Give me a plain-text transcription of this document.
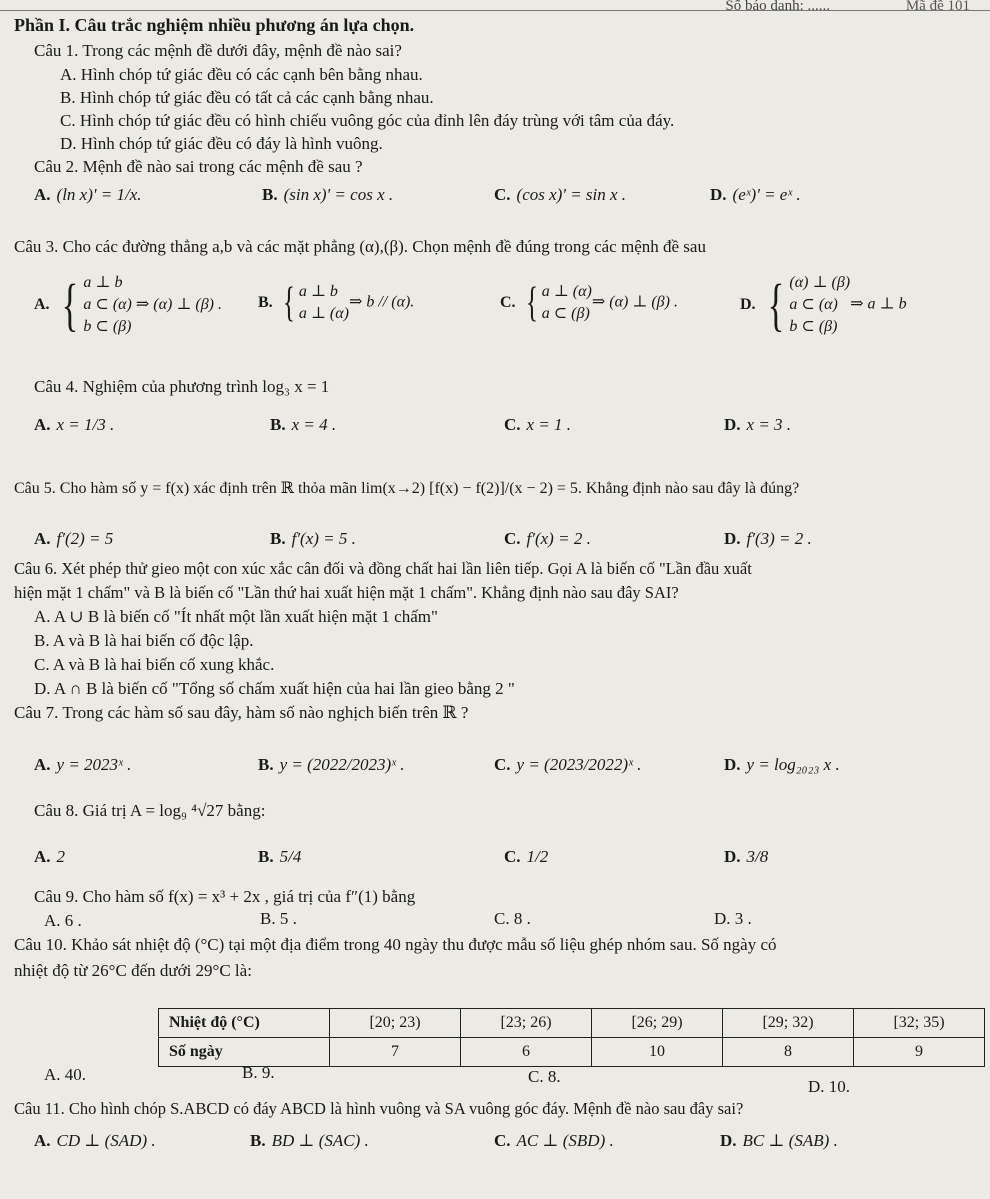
Số báo danh: ......	Mã đề 101
Phần I. Câu trắc nghiệm nhiều phương án lựa chọn.
Câu 1. Trong các mệnh đề dưới đây, mệnh đề nào sai?
A. Hình chóp tứ giác đều có các cạnh bên bằng nhau.
B. Hình chóp tứ giác đều có tất cả các cạnh bằng nhau.
C. Hình chóp tứ giác đều có hình chiếu vuông góc của đỉnh lên đáy trùng với tâm của đáy.
D. Hình chóp tứ giác đều có đáy là hình vuông.
Câu 2. Mệnh đề nào sai trong các mệnh đề sau ?
A. (ln x)' = 1/x.	B. (sin x)' = cos x .	C. (cos x)' = sin x .	D. (eˣ)' = eˣ .
Câu 3. Cho các đường thẳng a,b và các mặt phẳng (α),(β). Chọn mệnh đề đúng trong các mệnh đề sau
A. { a ⊥ b
a ⊂ (α) ⇒ (α) ⊥ (β) .
b ⊂ (β)
B. { a ⊥ b
a ⊥ (α)
⇒ b // (α).	C. { a ⊥ (α)
a ⊂ (β)
⇒ (α) ⊥ (β) .	D. { (α) ⊥ (β)
a ⊂ (α)
b ⊂ (β)
⇒ a ⊥ b
Câu 4. Nghiệm của phương trình log₃ x = 1
A. x = 1/3 .	B. x = 4 .	C. x = 1 .	D. x = 3 .
Câu 5. Cho hàm số y = f(x) xác định trên ℝ thỏa mãn lim(x→2) [f(x) − f(2)]/(x − 2) = 5. Khẳng định nào sau đây là đúng?
A. f′(2) = 5	B. f′(x) = 5 .	C. f′(x) = 2 .	D. f′(3) = 2 .
Câu 6. Xét phép thử gieo một con xúc xắc cân đối và đồng chất hai lần liên tiếp. Gọi A là biến cố "Lần đầu xuất
hiện mặt 1 chấm" và B là biến cố "Lần thứ hai xuất hiện mặt 1 chấm". Khẳng định nào sau đây SAI?
A. A ∪ B là biến cố "Ít nhất một lần xuất hiện mặt 1 chấm"
B. A và B là hai biến cố độc lập.
C. A và B là hai biến cố xung khắc.
D. A ∩ B là biến cố "Tổng số chấm xuất hiện của hai lần gieo bằng 2 "
Câu 7. Trong các hàm số sau đây, hàm số nào nghịch biến trên ℝ ?
A. y = 2023ˣ .	B. y = (2022/2023)ˣ .	C. y = (2023/2022)ˣ .	D. y = log₂₀₂₃ x .
Câu 8. Giá trị A = log₉ ⁴√27 bằng:
A. 2	B. 5/4	C. 1/2	D. 3/8
Câu 9. Cho hàm số f(x) = x³ + 2x , giá trị của f″(1) bằng
A. 6 .	B. 5 .	C. 8 .	D. 3 .
Câu 10. Khảo sát nhiệt độ (°C) tại một địa điểm trong 40 ngày thu được mẫu số liệu ghép nhóm sau. Số ngày có
nhiệt độ từ 26°C đến dưới 29°C là:
Nhiệt độ (°C)	[20; 23)	[23; 26)	[26; 29)	[29; 32)	[32; 35)
Số ngày	7	6	10	8	9
A. 40.	B. 9.	C. 8.
D. 10.
Câu 11. Cho hình chóp S.ABCD có đáy ABCD là hình vuông và SA vuông góc đáy. Mệnh đề nào sau đây sai?
A. CD ⊥ (SAD) .	B. BD ⊥ (SAC) .	C. AC ⊥ (SBD) .	D. BC ⊥ (SAB) .
